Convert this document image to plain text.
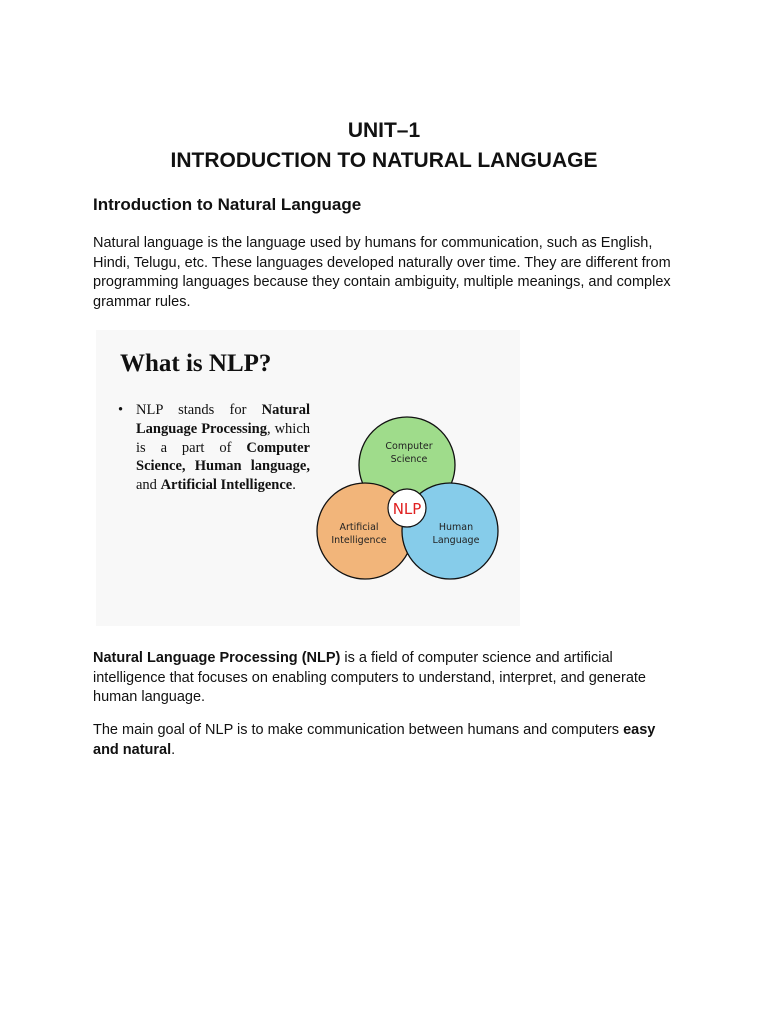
UNIT–1
INTRODUCTION TO NATURAL LANGUAGE
Introduction to Natural Language

Natural language is the language used by humans for communication, such as English, Hindi, Telugu, etc. These languages developed naturally over time. They are different from programming languages because they contain ambiguity, multiple meanings, and complex grammar rules.

What is NLP?
• NLP stands for Natural Language Processing, which is a part of Computer Science, Human language, and Artificial Intelligence.
Computer
Science
Artificial
Intelligence
Human
Language
NLP

Natural Language Processing (NLP) is a field of computer science and artificial intelligence that focuses on enabling computers to understand, interpret, and generate human language.

The main goal of NLP is to make communication between humans and computers easy and natural.
